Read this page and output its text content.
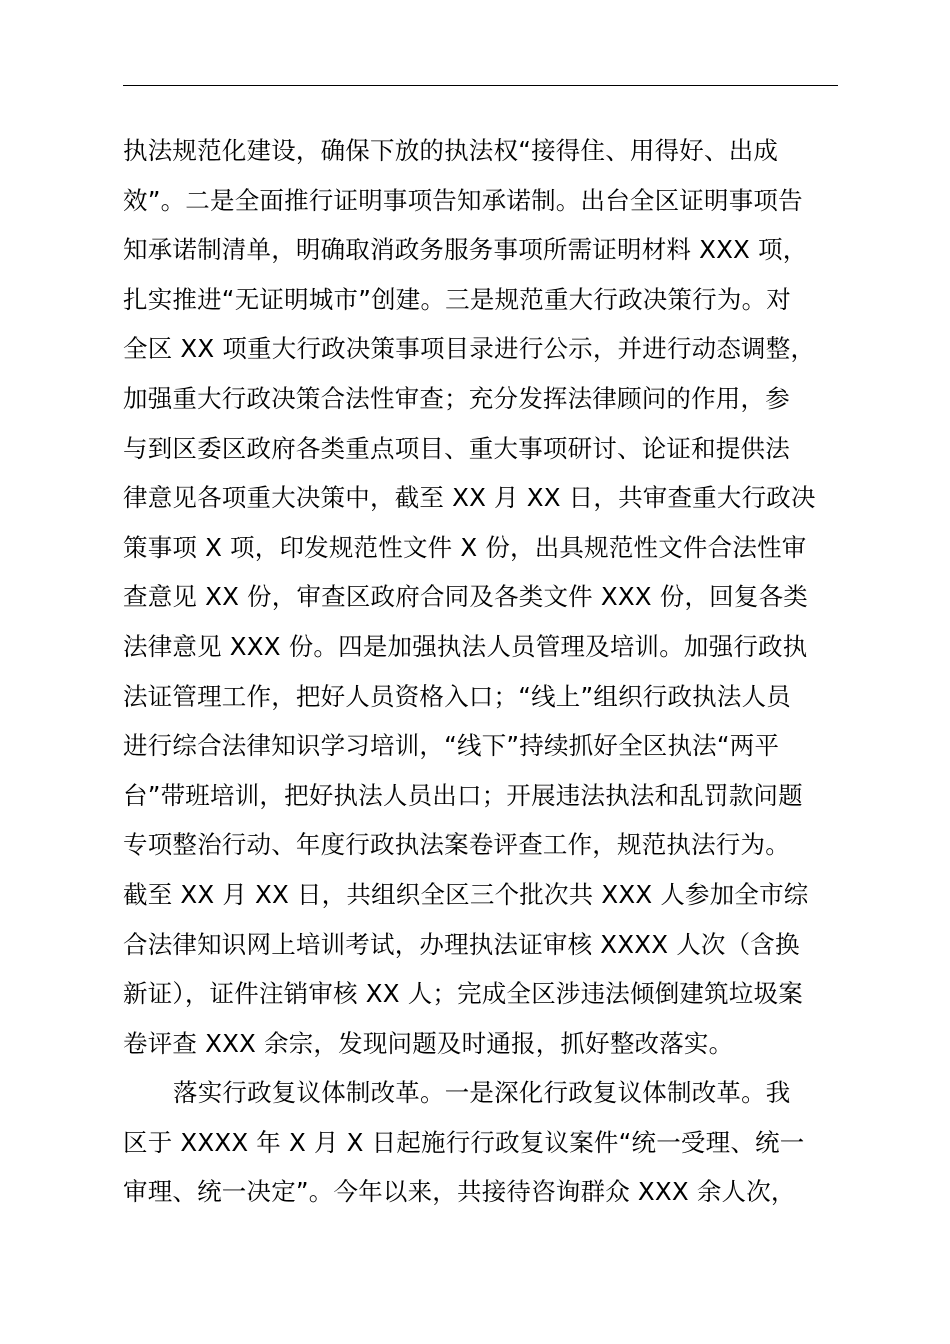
执法规范化建设，确保下放的执法权“接得住、用得好、出成
效”。二是全面推行证明事项告知承诺制。出台全区证明事项告
知承诺制清单，明确取消政务服务事项所需证明材料 XXX 项，
扎实推进“无证明城市”创建。三是规范重大行政决策行为。对
全区 XX 项重大行政决策事项目录进行公示，并进行动态调整，
加强重大行政决策合法性审查；充分发挥法律顾问的作用，参
与到区委区政府各类重点项目、重大事项研讨、论证和提供法
律意见各项重大决策中，截至 XX 月 XX 日，共审查重大行政决
策事项 X 项，印发规范性文件 X 份，出具规范性文件合法性审
查意见 XX 份，审查区政府合同及各类文件 XXX 份，回复各类
法律意见 XXX 份。四是加强执法人员管理及培训。加强行政执
法证管理工作，把好人员资格入口；“线上”组织行政执法人员
进行综合法律知识学习培训，“线下”持续抓好全区执法“两平
台”带班培训，把好执法人员出口；开展违法执法和乱罚款问题
专项整治行动、年度行政执法案卷评查工作，规范执法行为。
截至 XX 月 XX 日，共组织全区三个批次共 XXX 人参加全市综
合法律知识网上培训考试，办理执法证审核 XXXX 人次（含换
新证），证件注销审核 XX 人；完成全区涉违法倾倒建筑垃圾案
卷评查 XXX 余宗，发现问题及时通报，抓好整改落实。
落实行政复议体制改革。一是深化行政复议体制改革。我
区于 XXXX 年 X 月 X 日起施行行政复议案件“统一受理、统一
审理、统一决定”。今年以来，共接待咨询群众 XXX 余人次，
